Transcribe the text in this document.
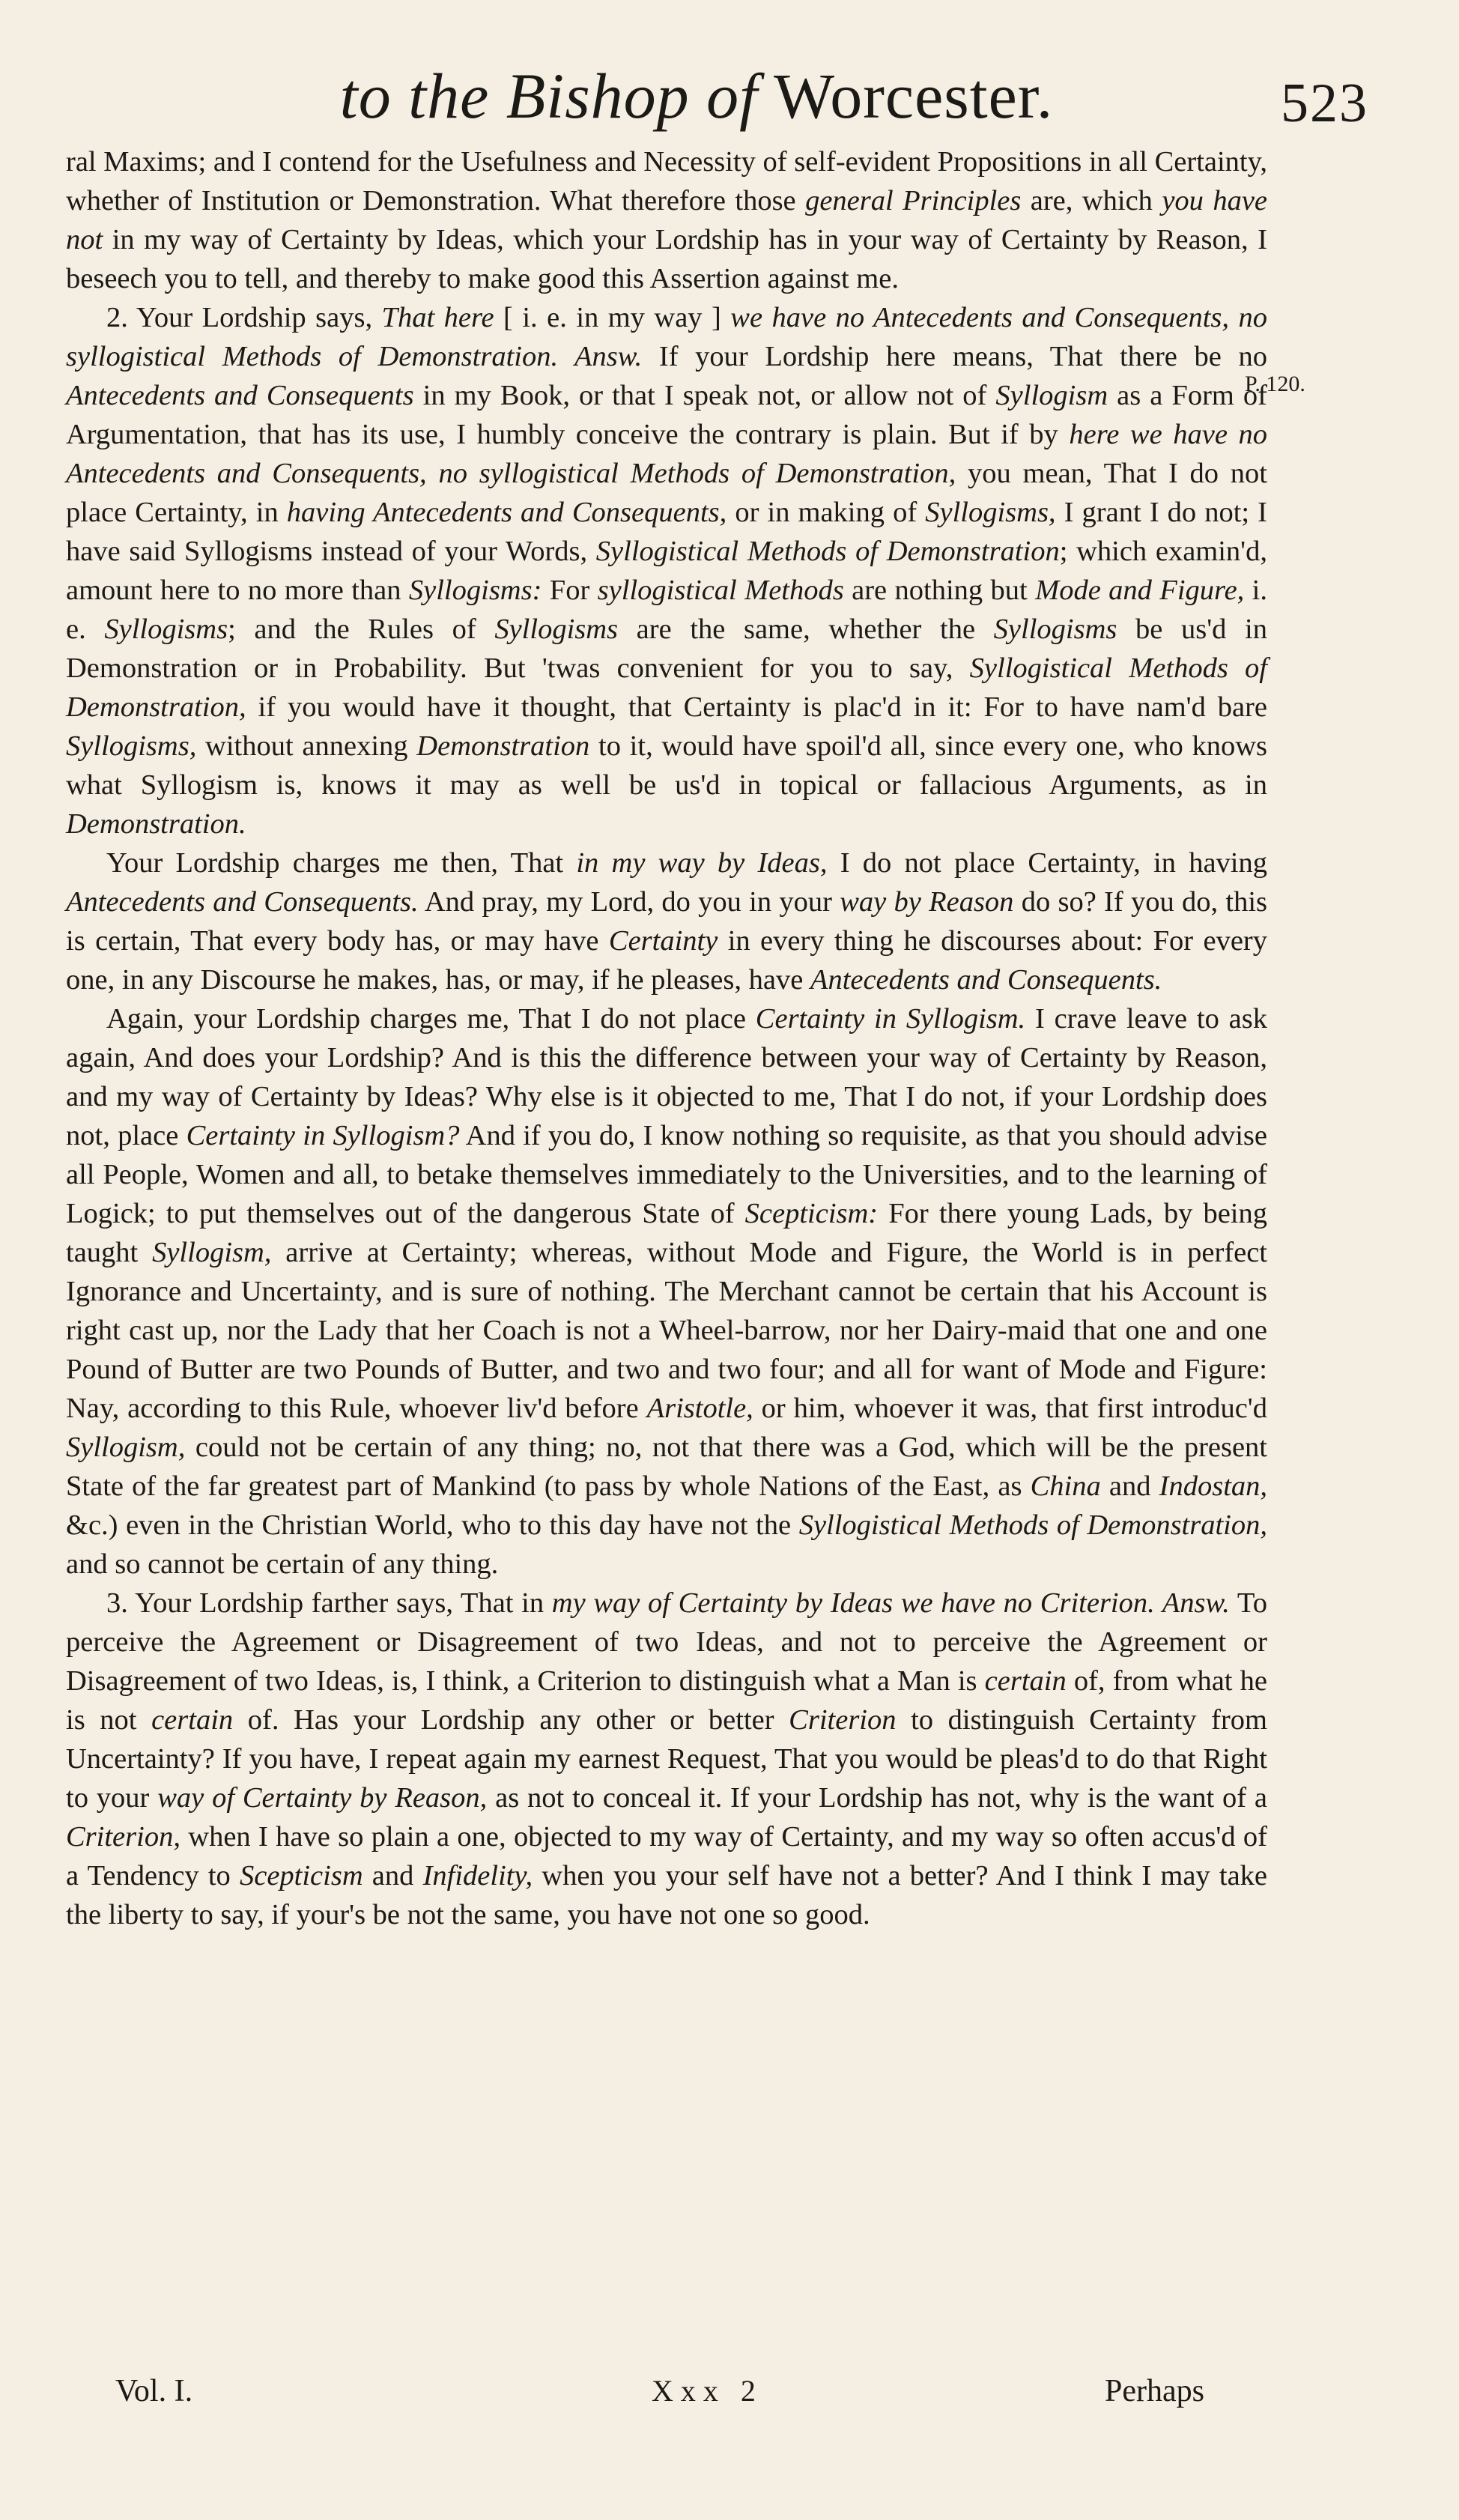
to the Bishop of Worcester.	523
P. 120.

ral Maxims; and I contend for the Usefulness and Necessity of self-evident Propositions in all Certainty, whether of Institution or Demonstration. What therefore those general Principles are, which you have not in my way of Certainty by Ideas, which your Lordship has in your way of Certainty by Reason, I beseech you to tell, and thereby to make good this Assertion against me.

2. Your Lordship says, That here [ i. e. in my way ] we have no Antecedents and Consequents, no syllogistical Methods of Demonstration. Answ. If your Lordship here means, That there be no Antecedents and Consequents in my Book, or that I speak not, or allow not of Syllogism as a Form of Argumentation, that has its use, I humbly conceive the contrary is plain. But if by here we have no Antecedents and Consequents, no syllogistical Methods of Demonstration, you mean, That I do not place Certainty, in having Antecedents and Consequents, or in making of Syllogisms, I grant I do not; I have said Syllogisms instead of your Words, Syllogistical Methods of Demonstration; which examin'd, amount here to no more than Syllogisms: For syllogistical Methods are nothing but Mode and Figure, i. e. Syllogisms; and the Rules of Syllogisms are the same, whether the Syllogisms be us'd in Demonstration or in Probability. But 'twas convenient for you to say, Syllogistical Methods of Demonstration, if you would have it thought, that Certainty is plac'd in it: For to have nam'd bare Syllogisms, without annexing Demonstration to it, would have spoil'd all, since every one, who knows what Syllogism is, knows it may as well be us'd in topical or fallacious Arguments, as in Demonstration.

Your Lordship charges me then, That in my way by Ideas, I do not place Certainty, in having Antecedents and Consequents. And pray, my Lord, do you in your way by Reason do so? If you do, this is certain, That every body has, or may have Certainty in every thing he discourses about: For every one, in any Discourse he makes, has, or may, if he pleases, have Antecedents and Consequents.

Again, your Lordship charges me, That I do not place Certainty in Syllogism. I crave leave to ask again, And does your Lordship? And is this the difference between your way of Certainty by Reason, and my way of Certainty by Ideas? Why else is it objected to me, That I do not, if your Lordship does not, place Certainty in Syllogism? And if you do, I know nothing so requisite, as that you should advise all People, Women and all, to betake themselves immediately to the Universities, and to the learning of Logick; to put themselves out of the dangerous State of Scepticism: For there young Lads, by being taught Syllogism, arrive at Certainty; whereas, without Mode and Figure, the World is in perfect Ignorance and Uncertainty, and is sure of nothing. The Merchant cannot be certain that his Account is right cast up, nor the Lady that her Coach is not a Wheel-barrow, nor her Dairy-maid that one and one Pound of Butter are two Pounds of Butter, and two and two four; and all for want of Mode and Figure: Nay, according to this Rule, whoever liv'd before Aristotle, or him, whoever it was, that first introduc'd Syllogism, could not be certain of any thing; no, not that there was a God, which will be the present State of the far greatest part of Mankind (to pass by whole Nations of the East, as China and Indostan, &c.) even in the Christian World, who to this day have not the Syllogistical Methods of Demonstration, and so cannot be certain of any thing.

3. Your Lordship farther says, That in my way of Certainty by Ideas we have no Criterion. Answ. To perceive the Agreement or Disagreement of two Ideas, and not to perceive the Agreement or Disagreement of two Ideas, is, I think, a Criterion to distinguish what a Man is certain of, from what he is not certain of. Has your Lordship any other or better Criterion to distinguish Certainty from Uncertainty? If you have, I repeat again my earnest Request, That you would be pleas'd to do that Right to your way of Certainty by Reason, as not to conceal it. If your Lordship has not, why is the want of a Criterion, when I have so plain a one, objected to my way of Certainty, and my way so often accus'd of a Tendency to Scepticism and Infidelity, when you your self have not a better? And I think I may take the liberty to say, if your's be not the same, you have not one so good.

Vol. I.	Xxx 2	Perhaps
